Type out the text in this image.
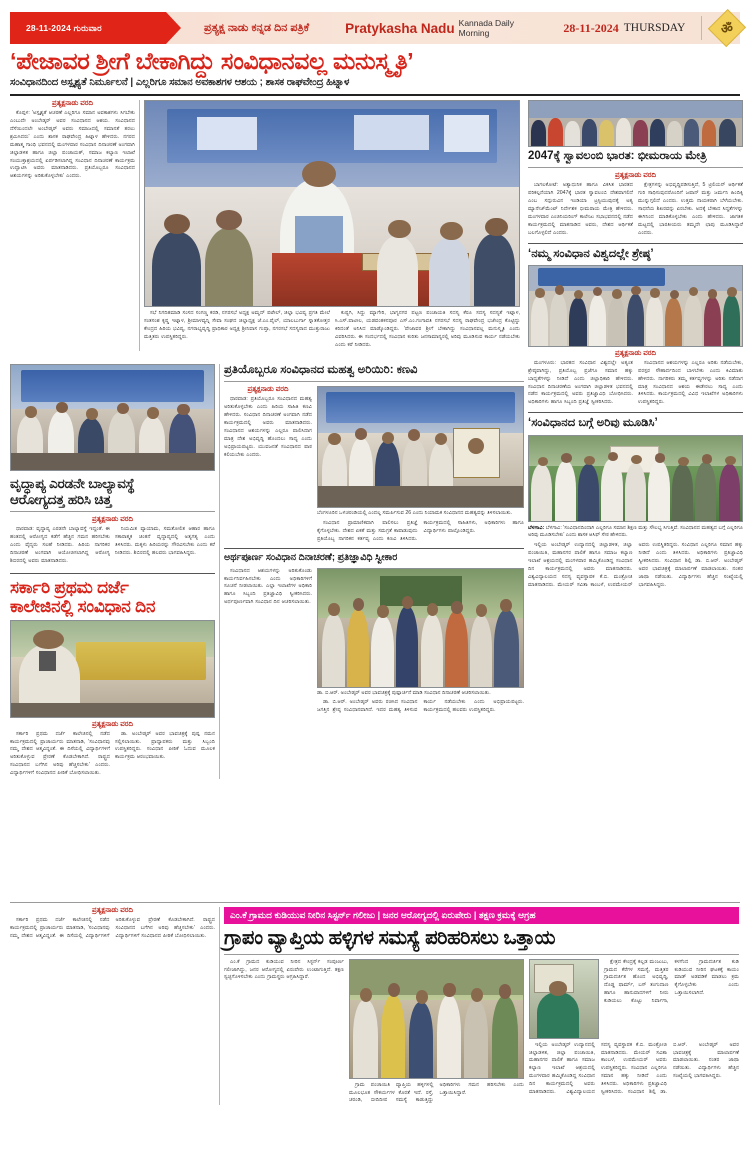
28-11-2024 ಗುರುವಾರ	ಪ್ರತ್ಯಕ್ಷ ನಾಡು ಕನ್ನಡ ದಿನ ಪತ್ರಿಕೆ	Pratykasha Nadu Kannada Daily Morning	28-11-2024 THURSDAY	ॐ
‘ಪೇಜಾವರ ಶ್ರೀಗೆ ಬೇಕಾಗಿದ್ದು ಸಂವಿಧಾನವಲ್ಲ ಮನುಸ್ಮೃತಿ’
ಸಂವಿಧಾನದಿಂದ ಅಸ್ಪೃಶ್ಯತೆ ನಿರ್ಮೂಲನೆ | ಎಲ್ಲರಿಗೂ ಸಮಾನ ಅವಕಾಶಗಳ ಆಶಯ ; ಶಾಸಕ ರಾಘವೇಂದ್ರ ಹಿಟ್ನಾಳ
ಪ್ರತ್ಯಕ್ಷನಾಡು ವರದಿ

ಕೊಪ್ಪಳ: 'ಅಸ್ಪೃಶ್ಯತೆ ಆಚರಣೆ ಎಲ್ಲರಿಗೂ ಸಮಾನ ಅವಕಾಶಗಳು ಸಿಗಬೇಕು ಎಂಬುದೇ ಅಂಬೇಡ್ಕರ್ ಅವರ ಸಂವಿಧಾನದ ಆಶಯ. ಸಂವಿಧಾನದ ದೆಸೆಯಿಂದಲೇ ಅಂಬೇಡ್ಕರ್ ಅವರು ಸಮಾಜದಲ್ಲಿ ಸಮಾನತೆ ತರಲು ಶ್ರಮಿಸಿದರು' ಎಂದು ಶಾಸಕ ರಾಘವೇಂದ್ರ ಹಿಟ್ನಾಳ ಹೇಳಿದರು. ನಗರದ ಮಹಾತ್ಮ ಗಾಂಧಿ ಭವನದಲ್ಲಿ ಮಂಗಳವಾರ ಸಂವಿಧಾನ ದಿನಾಚರಣೆ ಅಂಗವಾಗಿ ಜಿಲ್ಲಾಡಳಿತ ಹಾಗೂ ಜಿಲ್ಲಾ ಪಂಚಾಯತ್, ಸಮಾಜ ಕಲ್ಯಾಣ ಇಲಾಖೆ ಸಂಯುಕ್ತಾಶ್ರಯದಲ್ಲಿ ಏರ್ಪಡಿಸಲಾಗಿದ್ದ ಸಂವಿಧಾನ ದಿನಾಚರಣೆ ಕಾರ್ಯಕ್ರಮ ಉದ್ಘಾಟಿಸಿ ಅವರು ಮಾತನಾಡಿದರು. ಪ್ರತಿಯೊಬ್ಬರೂ ಸಂವಿಧಾನದ ಆಶಯಗಳನ್ನು ಅರಿತುಕೊಳ್ಳಬೇಕು' ಎಂದರು.

ಸಭೆ ನಿಗದಿತಮಾಡಿ ಸಂಸದ ಸಂಗಣ್ಣ ಕರಡಿ, ನಗರಸಭೆ ಅಧ್ಯಕ್ಷ ಅಮ್ಜದ್ ಪಟೇಲ್, ಜಿಲ್ಲಾ ಭವಿಷ್ಯ ಪ್ರಗತಿ ಮೇಲೆ ಸಂತಸಂಶ ಕೃಷ್ಣ ಇಟ್ನಾಳ, ಶ್ರೀಮಾಳವ್ವನ್ನಿ ಸೇವಾ ಸಂಘದ ಜಿಲ್ಲಾಧ್ಯಕ್ಷ ಜೆ.ಎಂ.ಪೈಲ್, ಯಾಲಬುರ್ಗಾ ಸ್ನಾತಕೋತ್ತರ ಕೇಂದ್ರದ ಹಿರಿಯ ಭವಿಷ್ಯ, ನಗರಾಭ್ಯವೃದ್ಧಿ ಪ್ರಾಧಿಕಾರ ಅಧ್ಯಕ್ಷ ಶ್ರೀನಿವಾಸ ಗುಪ್ತಾ, ನಗರಸಭೆ ಸದಸ್ಯರಾದ ಮುತ್ತುರಾಜು ಮತ್ತಿತರು ಉಪಸ್ಥಿತರಿದ್ದರು.

ಕುಷ್ಟಗಿ, ಸಿದ್ದು ಮ್ಯಾಗೇರಿ, ಭಾಗ್ಯನಗರ ಪಟ್ಟಣ ಪಂಚಾಯತಿ ಸದಸ್ಯ ಕೆರೂ ಸದಸ್ಯ ಸದಸ್ಯತೆ ಇಟ್ನಾಳ, ಸಿ.ಎಸ್.ಪಾಟೀಲ, ಯಡವಂತಕನಪೂರ ಎಸ್.ಎಂ.ಗಂಗಾವತಿ ನಗರಸಭೆ ಸದಸ್ಯ ರಾಘವೇಂದ್ರ ಭಜೇಂದ್ರ ಕೊಟ್ಟಿದ್ದು ಕಿರಿದಂತೆ ಅನಿಸಿದ ಮಾಡ್ಕೊಂಡಿದ್ದರು. 'ಪೇಜಾವರ ಶ್ರೀಗೆ ಬೇಕಾಗಿದ್ದು ಸಂವಿಧಾನವಲ್ಲ ಮನುಸ್ಮೃತಿ ಎಂದು ವಿವರಿಸಿದರು. ಈ ಸಂದರ್ಭದಲ್ಲಿ ಸಂವಿಧಾನ ಕುರಿತು ಜನಸಾಮಾನ್ಯರಲ್ಲಿ ಅರಿವು ಮೂಡಿಸುವ ಕಾರ್ಯ ನಡೆಯಬೇಕು ಎಂದು ಕರೆ ನೀಡಿದರು.

2047ಕ್ಕೆ ಸ್ವಾವಲಂಬಿ ಭಾರತ: ಭೀಮರಾಯ ಮೇತ್ರಿ
ಪ್ರತ್ಯಕ್ಷನಾಡು ವರದಿ

ಬಾಗಲಕೋಟೆ: ಅತ್ಯಾಧುನಿಕ ಹಾಗೂ ವಿಕಸಿತ ಭಾರತದ ಪರಿಕಲ್ಪನೆಯಾಗಿ 2047ಕ್ಕೆ ಭಾರತ ಸ್ವಾವಲಂಬಿ ದೇಶವಾಗಲಿದೆ ಎಂಬ ಸದ್ಗುರುವಿನ ಇಂಡಿಯಾ ಟ್ರಸ್ಟಿಯುವುದಕ್ಕೆ ಅತ್ಯ ಮ್ಯಾನೇಜ್‌ಮೆಂಟ್ ನಿರ್ದೇಶಕ ಭೀಮರಾಯ ಮೇತ್ರಿ ಹೇಳಿದರು. ಮಂಗಳವಾರ ಎಂಜಿನಿಯರಿಂಗ್ ಕಾಲೇಜು ಸಭಾಭವನದಲ್ಲಿ ನಡೆದ ಕಾರ್ಯಕ್ರಮದಲ್ಲಿ ಮಾತನಾಡಿದ ಅವರು, ದೇಶದ ಆರ್ಥಿಕತೆ ಬಲಗೊಳ್ಳಲಿದೆ ಎಂದರು.

ಕ್ಷೇತ್ರಗಳನ್ನು ಅಭಿವೃದ್ಧಿಪಡಿಸುತ್ತಿದೆ, 5 ಟ್ರಿಲಿಯನ್ ಆರ್ಥಿಕತೆ ಗುರಿ ಸಾಧಿಸುವುದರೊಂದಿಗೆ ಜಪಾನ್ ಮತ್ತು ಜರ್ಮನಿ ಹಿಂದಿಕ್ಕಿ ಮುನ್ನುಗ್ಗಲಿದೆ ಎಂದರು. ಉತ್ತಮ ನಾಯಕರಾಗಿ ಬೆಳೆಯಬೇಕು. ಸಾಧನೆಯ ಶಿಖರವನ್ನು ಏರಬೇಕು. ಅದಕ್ಕೆ ಬೇಕಾದ ಸಿದ್ಧತೆಗಳನ್ನು ಈಗಿನಿಂದ ಮಾಡಿಕೊಳ್ಳಬೇಕು ಎಂದು ಹೇಳಿದರು. ಜಾಗತಿಕ ಮಟ್ಟದಲ್ಲಿ ಭಾರತೀಯರು ತಮ್ಮದೇ ಛಾಪು ಮೂಡಿಸಿದ್ದಾರೆ ಎಂದರು.

‘ನಮ್ಮ ಸಂವಿಧಾನ ವಿಶ್ವದಲ್ಲೇ ಶ್ರೇಷ್ಠ’
ಪ್ರತ್ಯಕ್ಷನಾಡು ವರದಿ

ಮಂಗಳೂರು: ಭಾರತದ ಸಂವಿಧಾನ ವಿಶ್ವದಲ್ಲೇ ಅತ್ಯಂತ ಶ್ರೇಷ್ಠವಾಗಿದ್ದು, ಪ್ರತಿಯೊಬ್ಬ ಪ್ರಜೆಗೂ ಸಮಾನ ಹಕ್ಕು ಬಾಧ್ಯತೆಗಳನ್ನು ನೀಡಿದೆ ಎಂದು ಜಿಲ್ಲಾಧಿಕಾರಿ ಹೇಳಿದರು. ಸಂವಿಧಾನ ದಿನಾಚರಣೆಯ ಅಂಗವಾಗಿ ಜಿಲ್ಲಾಡಳಿತ ಭವನದಲ್ಲಿ ನಡೆದ ಕಾರ್ಯಕ್ರಮದಲ್ಲಿ ಅವರು ಪ್ರತಿಜ್ಞಾವಿಧಿ ಬೋಧಿಸಿದರು. ಅಧಿಕಾರಿಗಳು ಹಾಗೂ ಸಿಬ್ಬಂದಿ ಪ್ರತಿಜ್ಞೆ ಸ್ವೀಕರಿಸಿದರು.

ಸಂವಿಧಾನದ ಆಶಯಗಳನ್ನು ಎಲ್ಲರೂ ಅರಿತು ನಡೆಯಬೇಕು, ಪರಸ್ಪರ ಸೌಹಾರ್ದದಿಂದ ಬಾಳಬೇಕು ಎಂದು ಕಿವಿಮಾತು ಹೇಳಿದರು. ನಾಗರಿಕರು ತಮ್ಮ ಕರ್ತವ್ಯಗಳನ್ನು ಅರಿತು ನಡೆದಾಗ ಮಾತ್ರ ಸಂವಿಧಾನದ ಆಶಯ ಈಡೇರಲು ಸಾಧ್ಯ ಎಂದು ತಿಳಿಸಿದರು. ಕಾರ್ಯಕ್ರಮದಲ್ಲಿ ವಿವಿಧ ಇಲಾಖೆಗಳ ಅಧಿಕಾರಿಗಳು ಉಪಸ್ಥಿತರಿದ್ದರು.

‘ಸಂವಿಧಾನದ ಬಗ್ಗೆ ಅರಿವು ಮೂಡಿಸಿ’
ಬೆಳಗಾವಿ: ಬೆಳಗಾವಿ: 'ಸಂವಿಧಾನದಿಂದಾಗಿ ಎಲ್ಲರಿಗೂ ಸಮಾನ ಶಿಕ್ಷಣ ಮತ್ತು ಸೌಲಭ್ಯ ಸಿಗುತ್ತಿವೆ. ಸಂವಿಧಾನದ ಮಹತ್ವದ ಬಗ್ಗೆ ಎಲ್ಲರಿಗೂ ಅರಿವು ಮೂಡಿಸಬೇಕು' ಎಂದು ಶಾಸಕ ಆಸಿಫ್ ಸೇಠ ಹೇಳಿದರು.

ಇಲ್ಲಿಯ ಅಂಬೇಡ್ಕರ್ ಉದ್ಯಾನದಲ್ಲಿ ಜಿಲ್ಲಾಡಳಿತ, ಜಿಲ್ಲಾ ಪಂಚಾಯಿತಿ, ಮಹಾನಗರ ಪಾಲಿಕೆ ಹಾಗೂ ಸಮಾಜ ಕಲ್ಯಾಣ ಇಲಾಖೆ ಆಶ್ರಯದಲ್ಲಿ ಮಂಗಳವಾರ ಹಮ್ಮಿಕೊಂಡಿದ್ದ ಸಂವಿಧಾನ ದಿನ ಕಾರ್ಯಕ್ರಮದಲ್ಲಿ ಅವರು ಮಾತನಾಡಿದರು. ವಿಶ್ವವಿದ್ಯಾಲಯದ ಸದಸ್ಯ ವ್ಯವಸ್ಥಾಪಕ ಕೆ.ಬಿ. ಮಂತ್ರೋಜಿ ಮಾತನಾಡಿದರು. ಮೇಯರ್ ಸವಿತಾ ಕಾಂಬಳೆ, ಉಪಮೇಯರ್ ಅವರು ಉಪಸ್ಥಿತರಿದ್ದರು. ಸಂವಿಧಾನ ಎಲ್ಲರಿಗೂ ಸಮಾನ ಹಕ್ಕು ನೀಡಿದೆ ಎಂದು ತಿಳಿಸಿದರು. ಅಧಿಕಾರಿಗಳು ಪ್ರತಿಜ್ಞಾವಿಧಿ ಸ್ವೀಕರಿಸಿದರು. ಸಂವಿಧಾನ ಶಿಲ್ಪಿ ಡಾ. ಬಿ.ಆರ್. ಅಂಬೇಡ್ಕರ್ ಅವರ ಭಾವಚಿತ್ರಕ್ಕೆ ಮಾಲಾರ್ಪಣೆ ಮಾಡಲಾಯಿತು. ನಂತರ ಜಾಥಾ ನಡೆಯಿತು. ವಿದ್ಯಾರ್ಥಿಗಳು ಹೆಚ್ಚಿನ ಸಂಖ್ಯೆಯಲ್ಲಿ ಭಾಗವಹಿಸಿದ್ದರು.

ವೃದ್ಧಾಪ್ಯ ಎರಡನೇ ಬಾಲ್ಯಾವಸ್ಥೆ
ಆರೋಗ್ಯದತ್ತ ಹರಿಸಿ ಚಿತ್ತ
ಪ್ರತ್ಯಕ್ಷನಾಡು ವರದಿ

ಧಾರವಾಡ: ವೃದ್ಧಾಪ್ಯ ಎರಡನೇ ಬಾಲ್ಯಾವಸ್ಥೆ ಇದ್ದಂತೆ. ಈ ಹಂತದಲ್ಲಿ ಆರೋಗ್ಯದ ಕಡೆಗೆ ಹೆಚ್ಚಿನ ಗಮನ ಹರಿಸಬೇಕು ಎಂದು ವೈದ್ಯರು ಸಲಹೆ ನೀಡಿದರು. ಹಿರಿಯ ನಾಗರಿಕರ ದಿನಾಚರಣೆ ಅಂಗವಾಗಿ ಆಯೋಜಿಸಲಾಗಿದ್ದ ಆರೋಗ್ಯ ಶಿಬಿರದಲ್ಲಿ ಅವರು ಮಾತನಾಡಿದರು.

ನಿಯಮಿತ ವ್ಯಾಯಾಮ, ಸಮತೋಲಿತ ಆಹಾರ ಹಾಗೂ ಸಕಾರಾತ್ಮಕ ಚಿಂತನೆ ವೃದ್ಧಾಪ್ಯದಲ್ಲಿ ಅತ್ಯಗತ್ಯ ಎಂದು ತಿಳಿಸಿದರು. ಮಕ್ಕಳು ಹಿರಿಯರನ್ನು ಗೌರವಿಸಬೇಕು ಎಂದು ಕರೆ ನೀಡಿದರು. ಶಿಬಿರದಲ್ಲಿ ಹಲವರು ಭಾಗವಹಿಸಿದ್ದರು.

ಸರ್ಕಾರಿ ಪ್ರಥಮ ದರ್ಜೆ
ಕಾಲೇಜಿನಲ್ಲಿ ಸಂವಿಧಾನ ದಿನ
ಪ್ರತ್ಯಕ್ಷನಾಡು ವರದಿ

ಸರ್ಕಾರಿ ಪ್ರಥಮ ದರ್ಜೆ ಕಾಲೇಜಿನಲ್ಲಿ ನಡೆದ ಕಾರ್ಯಕ್ರಮದಲ್ಲಿ ಪ್ರಾಚಾರ್ಯರು ಮಾತನಾಡಿ, 'ಸಂವಿಧಾನವು ನಮ್ಮ ದೇಶದ ಆತ್ಮವಿದ್ದಂತೆ. ಈ ದಿಸೆಯಲ್ಲಿ ವಿದ್ಯಾರ್ಥಿಗಳಿಗೆ ಅರಿತುಕೊಳ್ಳುವ ಪ್ರೇರಣೆ ಕೊಡಬೇಕಾಗಿದೆ. ರಾಷ್ಟ್ರದ ಸಂವಿಧಾನದ ಬಗೆಗಿನ ಅರಿವು ಹೆಚ್ಚಿಸಬೇಕು' ಎಂದರು. ವಿದ್ಯಾರ್ಥಿಗಳಿಗೆ ಸಂವಿಧಾನದ ಪೀಠಿಕೆ ಬೋಧಿಸಲಾಯಿತು.

ಡಾ. ಅಂಬೇಡ್ಕರ್ ಅವರ ಭಾವಚಿತ್ರಕ್ಕೆ ಪುಷ್ಪ ನಮನ ಸಲ್ಲಿಸಲಾಯಿತು. ಪ್ರಾಧ್ಯಾಪಕರು ಮತ್ತು ಸಿಬ್ಬಂದಿ ಉಪಸ್ಥಿತರಿದ್ದರು. ಸಂವಿಧಾನ ಪೀಠಿಕೆ ಓದುವ ಮೂಲಕ ಕಾರ್ಯಕ್ರಮ ಆರಂಭವಾಯಿತು.

ಪ್ರತಿಯೊಬ್ಬರೂ ಸಂವಿಧಾನದ ಮಹತ್ವ ಅರಿಯಿರಿ: ಕಣವಿ
ಪ್ರತ್ಯಕ್ಷನಾಡು ವರದಿ

ಧಾರವಾಡ: ಪ್ರತಿಯೊಬ್ಬರೂ ಸಂವಿಧಾನದ ಮಹತ್ವ ಅರಿತುಕೊಳ್ಳಬೇಕು ಎಂದು ಹಿರಿಯ ಸಾಹಿತಿ ಕಣವಿ ಹೇಳಿದರು. ಸಂವಿಧಾನ ದಿನಾಚರಣೆ ಅಂಗವಾಗಿ ನಡೆದ ಕಾರ್ಯಕ್ರಮದಲ್ಲಿ ಅವರು ಮಾತನಾಡಿದರು. ಸಂವಿಧಾನದ ಆಶಯಗಳನ್ನು ಎಲ್ಲರೂ ಪಾಲಿಸಿದಾಗ ಮಾತ್ರ ದೇಶ ಅಭಿವೃದ್ಧಿ ಹೊಂದಲು ಸಾಧ್ಯ ಎಂದು ಅಭಿಪ್ರಾಯಪಟ್ಟರು. ಯುವಜನತೆ ಸಂವಿಧಾನದ ಪಾಠ ಕಲಿಯಬೇಕು ಎಂದರು.

ಬೆಂಗಳೂರಿನ ಒಳಚರಂಡಿಯಲ್ಲಿ ಎಂದಲ್ಲ ಸಮರ್ಪಿಸುವ 26 ಎಂದು ನಿಯಾಮಕ ಸಂವಿಧಾನದ ಮಹತ್ವವನ್ನು ತಿಳಿಸಲಾಯಿತು.

ಸಂವಿಧಾನ ಪ್ರಾಮಾಣಿಕವಾಗಿ ಪಾಲಿಸಲು ಪ್ರತಿಜ್ಞೆ ಕೈಗೊಳ್ಳಬೇಕು. ದೇಶದ ಏಕತೆ ಮತ್ತು ಸಮಗ್ರತೆ ಕಾಪಾಡುವುದು ಪ್ರತಿಯೊಬ್ಬ ನಾಗರಿಕನ ಕರ್ತವ್ಯ ಎಂದು ಕಣವಿ ತಿಳಿಸಿದರು. ಕಾರ್ಯಕ್ರಮದಲ್ಲಿ ಸಾಹಿತಿಗಳು, ಅಧಿಕಾರಿಗಳು ಹಾಗೂ ವಿದ್ಯಾರ್ಥಿಗಳು ಪಾಲ್ಗೊಂಡಿದ್ದರು.

ಅರ್ಥಪೂರ್ಣ ಸಂವಿಧಾನ ದಿನಾಚರಣೆ; ಪ್ರತಿಜ್ಞಾವಿಧಿ ಸ್ವೀಕಾರ

ಸಂವಿಧಾನದ ಆಶಯಗಳನ್ನು ಅರಿತುಕೊಂಡು ಕಾರ್ಯನಿರ್ವಹಿಸಬೇಕು ಎಂದು ಅಧಿಕಾರಿಗಳಿಗೆ ಸೂಚನೆ ನೀಡಲಾಯಿತು. ಎಲ್ಲಾ ಇಲಾಖೆಗಳ ಅಧಿಕಾರಿ ಹಾಗೂ ಸಿಬ್ಬಂದಿ ಪ್ರತಿಜ್ಞಾವಿಧಿ ಸ್ವೀಕರಿಸಿದರು. ಅರ್ಥಪೂರ್ಣವಾಗಿ ಸಂವಿಧಾನ ದಿನ ಆಚರಿಸಲಾಯಿತು.

ಡಾ. ಬಿ.ಆರ್. ಅಂಬೇಡ್ಕರ್ ಅವರ ಭಾವಚಿತ್ರಕ್ಕೆ ಪುಷ್ಪಾರ್ಚನೆ ಮಾಡಿ ಸಂವಿಧಾನ ದಿನಾಚರಣೆ ಆಚರಿಸಲಾಯಿತು.

ಡಾ. ಬಿ.ಆರ್. ಅಂಬೇಡ್ಕರ್ ಅವರು ರಚಿಸಿದ ಸಂವಿಧಾನ ಜಗತ್ತಿನ ಶ್ರೇಷ್ಠ ಸಂವಿಧಾನವಾಗಿದೆ. ಇದರ ಮಹತ್ವ ತಿಳಿಸುವ ಕಾರ್ಯ ನಡೆಯಬೇಕು ಎಂದು ಅಭಿಪ್ರಾಯಪಟ್ಟರು. ಕಾರ್ಯಕ್ರಮದಲ್ಲಿ ಹಲವರು ಉಪಸ್ಥಿತರಿದ್ದರು.

ಪ್ರತ್ಯಕ್ಷನಾಡು ವರದಿ

ಸರ್ಕಾರಿ ಪ್ರಥಮ ದರ್ಜೆ ಕಾಲೇಜಿನಲ್ಲಿ ನಡೆದ ಕಾರ್ಯಕ್ರಮದಲ್ಲಿ ಪ್ರಾಚಾರ್ಯರು ಮಾತನಾಡಿ, 'ಸಂವಿಧಾನವು ನಮ್ಮ ದೇಶದ ಆತ್ಮವಿದ್ದಂತೆ. ಈ ದಿಸೆಯಲ್ಲಿ ವಿದ್ಯಾರ್ಥಿಗಳಿಗೆ ಅರಿತುಕೊಳ್ಳುವ ಪ್ರೇರಣೆ ಕೊಡಬೇಕಾಗಿದೆ. ರಾಷ್ಟ್ರದ ಸಂವಿಧಾನದ ಬಗೆಗಿನ ಅರಿವು ಹೆಚ್ಚಿಸಬೇಕು' ಎಂದರು. ವಿದ್ಯಾರ್ಥಿಗಳಿಗೆ ಸಂವಿಧಾನದ ಪೀಠಿಕೆ ಬೋಧಿಸಲಾಯಿತು.

ಎಂ.ಕೆ ಗ್ರಾಮದ ಕುಡಿಯುವ ನೀರಿನ ಸಿಸ್ಟರ್ನ್ ಗಲೀಜು | ಜನರ ಆರೋಗ್ಯದಲ್ಲಿ ಏರುಪೇರು | ತಕ್ಷಣ ಕ್ರಮಕ್ಕೆ ಆಗ್ರಹ
ಗ್ರಾಪಂ ವ್ಯಾಪ್ತಿಯ ಹಳ್ಳಿಗಳ ಸಮಸ್ಯೆ ಪರಿಹರಿಸಲು ಒತ್ತಾಯ

ಎಂ.ಕೆ ಗ್ರಾಮದ ಕುಡಿಯುವ ನೀರಿನ ಸಿಸ್ಟರ್ನ್ ಸಂಪೂರ್ಣ ಗಲೀಜಾಗಿದ್ದು, ಜನರ ಆರೋಗ್ಯದಲ್ಲಿ ಏರುಪೇರು ಉಂಟಾಗುತ್ತಿದೆ. ತಕ್ಷಣ ಸ್ವಚ್ಛಗೊಳಿಸಬೇಕು ಎಂದು ಗ್ರಾಮಸ್ಥರು ಆಗ್ರಹಿಸಿದ್ದಾರೆ.

ಗ್ರಾಮ ಪಂಚಾಯಿತಿ ವ್ಯಾಪ್ತಿಯ ಹಳ್ಳಿಗಳಲ್ಲಿ ಮೂಲಭೂತ ಸೌಕರ್ಯಗಳ ಕೊರತೆ ಇದೆ. ರಸ್ತೆ, ಚರಂಡಿ, ಬೀದಿದೀಪ ಸಮಸ್ಯೆ ಕಾಡುತ್ತಿದ್ದು ಅಧಿಕಾರಿಗಳು ಗಮನ ಹರಿಸಬೇಕು ಎಂದು ಒತ್ತಾಯಿಸಿದ್ದಾರೆ.

ಕ್ಷೇತ್ರದ ಕೇಂದ್ರಕ್ಕೆ ಕಲ್ಲಡ ಮಂಜುಬು, ಗ್ರಾಮದ ಕೆರೆಗಳ ಸಮಸ್ಯೆ, ಮತ್ತಿತರ ಗ್ರಾಮದರ್ಜಿತ ಹೊಂದ ಅಭಿವೃದ್ಧಿ, ದೊಡ್ಡ ಫಾರ್ಮ್, ಬಸ್ ತಂಗುದಾಣ ಹಾಗೂ ಹಾನುವಾದಗಳಿಗೆ ನೀರು ಕುಡಿಯಲು ಕೊಟ್ಟು ನಿರ್ವಾಗಾ, ಕಳಗೆಂದ ಗ್ರಾಮದರ್ಜಿತ ಕುಡಿ ಕುಡಿಯುವ ನೀರಿನ ಘಟಕಕ್ಕೆ ಕಾಯಂ ಮಾಡ್ ಅಡವಡಿಕೆ ಮಾಡಲು ಕ್ರಮ ಕೈಗೊಳ್ಳಬೇಕು ಎಂದು ಒತ್ತಾಯಿಸಲಾಗಿದೆ.

ಇಲ್ಲಿಯ ಅಂಬೇಡ್ಕರ್ ಉದ್ಯಾನದಲ್ಲಿ ಜಿಲ್ಲಾಡಳಿತ, ಜಿಲ್ಲಾ ಪಂಚಾಯಿತಿ, ಮಹಾನಗರ ಪಾಲಿಕೆ ಹಾಗೂ ಸಮಾಜ ಕಲ್ಯಾಣ ಇಲಾಖೆ ಆಶ್ರಯದಲ್ಲಿ ಮಂಗಳವಾರ ಹಮ್ಮಿಕೊಂಡಿದ್ದ ಸಂವಿಧಾನ ದಿನ ಕಾರ್ಯಕ್ರಮದಲ್ಲಿ ಅವರು ಮಾತನಾಡಿದರು. ವಿಶ್ವವಿದ್ಯಾಲಯದ ಸದಸ್ಯ ವ್ಯವಸ್ಥಾಪಕ ಕೆ.ಬಿ. ಮಂತ್ರೋಜಿ ಮಾತನಾಡಿದರು. ಮೇಯರ್ ಸವಿತಾ ಕಾಂಬಳೆ, ಉಪಮೇಯರ್ ಅವರು ಉಪಸ್ಥಿತರಿದ್ದರು. ಸಂವಿಧಾನ ಎಲ್ಲರಿಗೂ ಸಮಾನ ಹಕ್ಕು ನೀಡಿದೆ ಎಂದು ತಿಳಿಸಿದರು. ಅಧಿಕಾರಿಗಳು ಪ್ರತಿಜ್ಞಾವಿಧಿ ಸ್ವೀಕರಿಸಿದರು. ಸಂವಿಧಾನ ಶಿಲ್ಪಿ ಡಾ. ಬಿ.ಆರ್. ಅಂಬೇಡ್ಕರ್ ಅವರ ಭಾವಚಿತ್ರಕ್ಕೆ ಮಾಲಾರ್ಪಣೆ ಮಾಡಲಾಯಿತು. ನಂತರ ಜಾಥಾ ನಡೆಯಿತು. ವಿದ್ಯಾರ್ಥಿಗಳು ಹೆಚ್ಚಿನ ಸಂಖ್ಯೆಯಲ್ಲಿ ಭಾಗವಹಿಸಿದ್ದರು.
